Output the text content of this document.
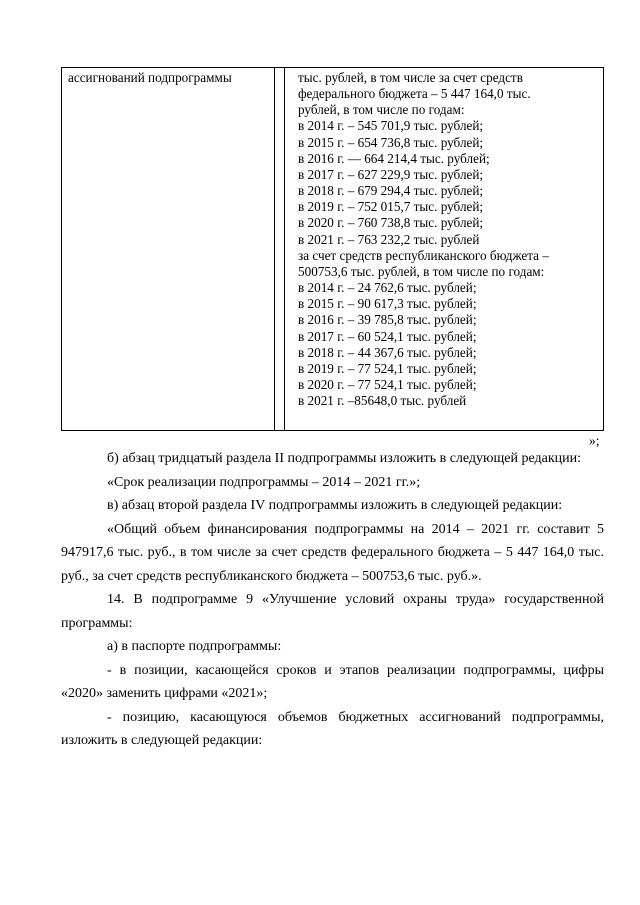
ассигнований подпрограммы	тыс. рублей, в том числе за счет средств
федерального бюджета – 5 447 164,0 тыс.
рублей, в том числе по годам:
в 2014 г. – 545 701,9 тыс. рублей;
в 2015 г. – 654 736,8 тыс. рублей;
в 2016 г. — 664 214,4 тыс. рублей;
в 2017 г. – 627 229,9 тыс. рублей;
в 2018 г. – 679 294,4 тыс. рублей;
в 2019 г. – 752 015,7 тыс. рублей;
в 2020 г. – 760 738,8 тыс. рублей;
в 2021 г. – 763 232,2 тыс. рублей
за счет средств республиканского бюджета –
500753,6 тыс. рублей, в том числе по годам:
в 2014 г. – 24 762,6 тыс. рублей;
в 2015 г. – 90 617,3 тыс. рублей;
в 2016 г. – 39 785,8 тыс. рублей;
в 2017 г. – 60 524,1 тыс. рублей;
в 2018 г. – 44 367,6 тыс. рублей;
в 2019 г. – 77 524,1 тыс. рублей;
в 2020 г. – 77 524,1 тыс. рублей;
в 2021 г. –85648,0 тыс. рублей
»;

б) абзац тридцатый раздела II подпрограммы изложить в следующей редакции:

«Срок реализации подпрограммы – 2014 – 2021 гг.»;

в) абзац второй раздела IV подпрограммы изложить в следующей редакции:

«Общий объем финансирования подпрограммы на 2014 – 2021 гг. составит 5 947917,6 тыс. руб., в том числе за счет средств федерального бюджета – 5 447 164,0 тыс. руб., за счет средств республиканского бюджета – 500753,6 тыс. руб.».

14. В подпрограмме 9 «Улучшение условий охраны труда» государственной программы:

а) в паспорте подпрограммы:

- в позиции, касающейся сроков и этапов реализации подпрограммы, цифры «2020» заменить цифрами «2021»;

- позицию, касающуюся объемов бюджетных ассигнований подпрограммы, изложить в следующей редакции:
